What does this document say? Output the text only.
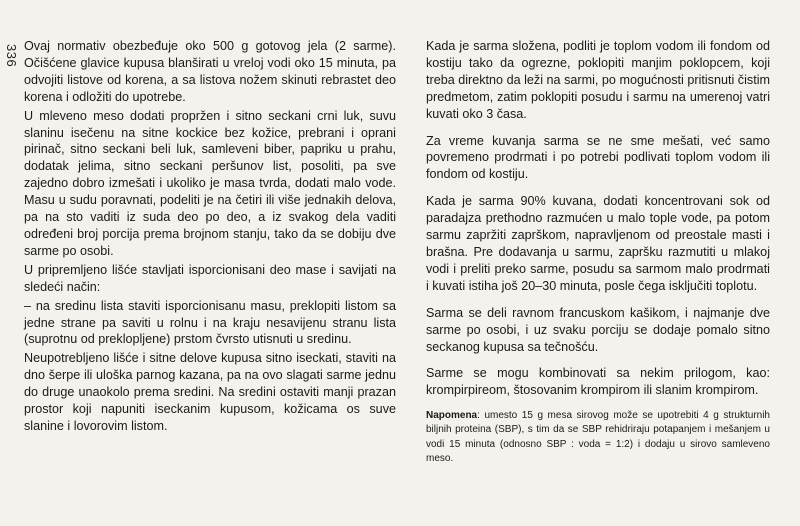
336 Ovaj normativ obezbeđuje oko 500 g gotovog jela (2 sarme). Očišćene glavice kupusa blanširati u vreloj vodi oko 15 minuta, pa odvojiti listove od korena, a sa listova nožem skinuti rebrastet deo korena i odložiti do upotrebe.

U mleveno meso dodati propržen i sitno seckani crni luk, suvu slaninu isečenu na sitne kockice bez kožice, prebrani i oprani pirinač, sitno seckani beli luk, samleveni biber, papriku u prahu, dodatak jelima, sitno seckani peršunov list, posoliti, pa sve zajedno dobro izmešati i ukoliko je masa tvrda, dodati malo vode. Masu u sudu poravnati, podeliti je na četiri ili više jednakih delova, pa na sto vaditi iz suda deo po deo, a iz svakog dela vaditi određeni broj porcija prema brojnom stanju, tako da se dobiju dve sarme po osobi.

U pripremljeno lišće stavljati isporcionisani deo mase i savijati na sledeći način:

– na sredinu lista staviti isporcionisanu masu, preklopiti listom sa jedne strane pa saviti u rolnu i na kraju nesavijenu stranu lista (suprotnu od preklopljene) prstom čvrsto utisnuti u sredinu.

Neupotrebljeno lišće i sitne delove kupusa sitno iseckati, staviti na dno šerpe ili uloška parnog kazana, pa na ovo slagati sarme jednu do druge unaokolo prema sredini. Na sredini ostaviti manji prazan prostor koji napuniti iseckanim kupusom, kožicama os suve slanine i lovorovim listom.

Kada je sarma složena, podliti je toplom vodom ili fondom od kostiju tako da ogrezne, poklopiti manjim poklopcem, koji treba direktno da leži na sarmi, po mogućnosti pritisnuti čistim predmetom, zatim poklopiti posudu i sarmu na umerenoj vatri kuvati oko 3 časa.

Za vreme kuvanja sarma se ne sme mešati, već samo povremeno prodrmati i po potrebi podlivati toplom vodom ili fondom od kostiju.

Kada je sarma 90% kuvana, dodati koncentrovani sok od paradajza prethodno razmućen u malo tople vode, pa potom sarmu zapržiti zaprškom, napravljenom od preostale masti i brašna. Pre dodavanja u sarmu, zapršku razmutiti u mlakoj vodi i preliti preko sarme, posudu sa sarmom malo prodrmati i kuvati istiha još 20–30 minuta, posle čega isključiti toplotu.

Sarma se deli ravnom francuskom kašikom, i najmanje dve sarme po osobi, i uz svaku porciju se dodaje pomalo sitno seckanog kupusa sa tečnošću.

Sarme se mogu kombinovati sa nekim prilogom, kao: krompirpireom, štosovanim krompirom ili slanim krompirom.

Napomena: umesto 15 g mesa sirovog može se upotrebiti 4 g strukturnih biljnih proteina (SBP), s tim da se SBP rehidriraju potapanjem i mešanjem u vodi 15 minuta (odnosno SBP : voda = 1:2) i dodaju u sirovo samleveno meso.
